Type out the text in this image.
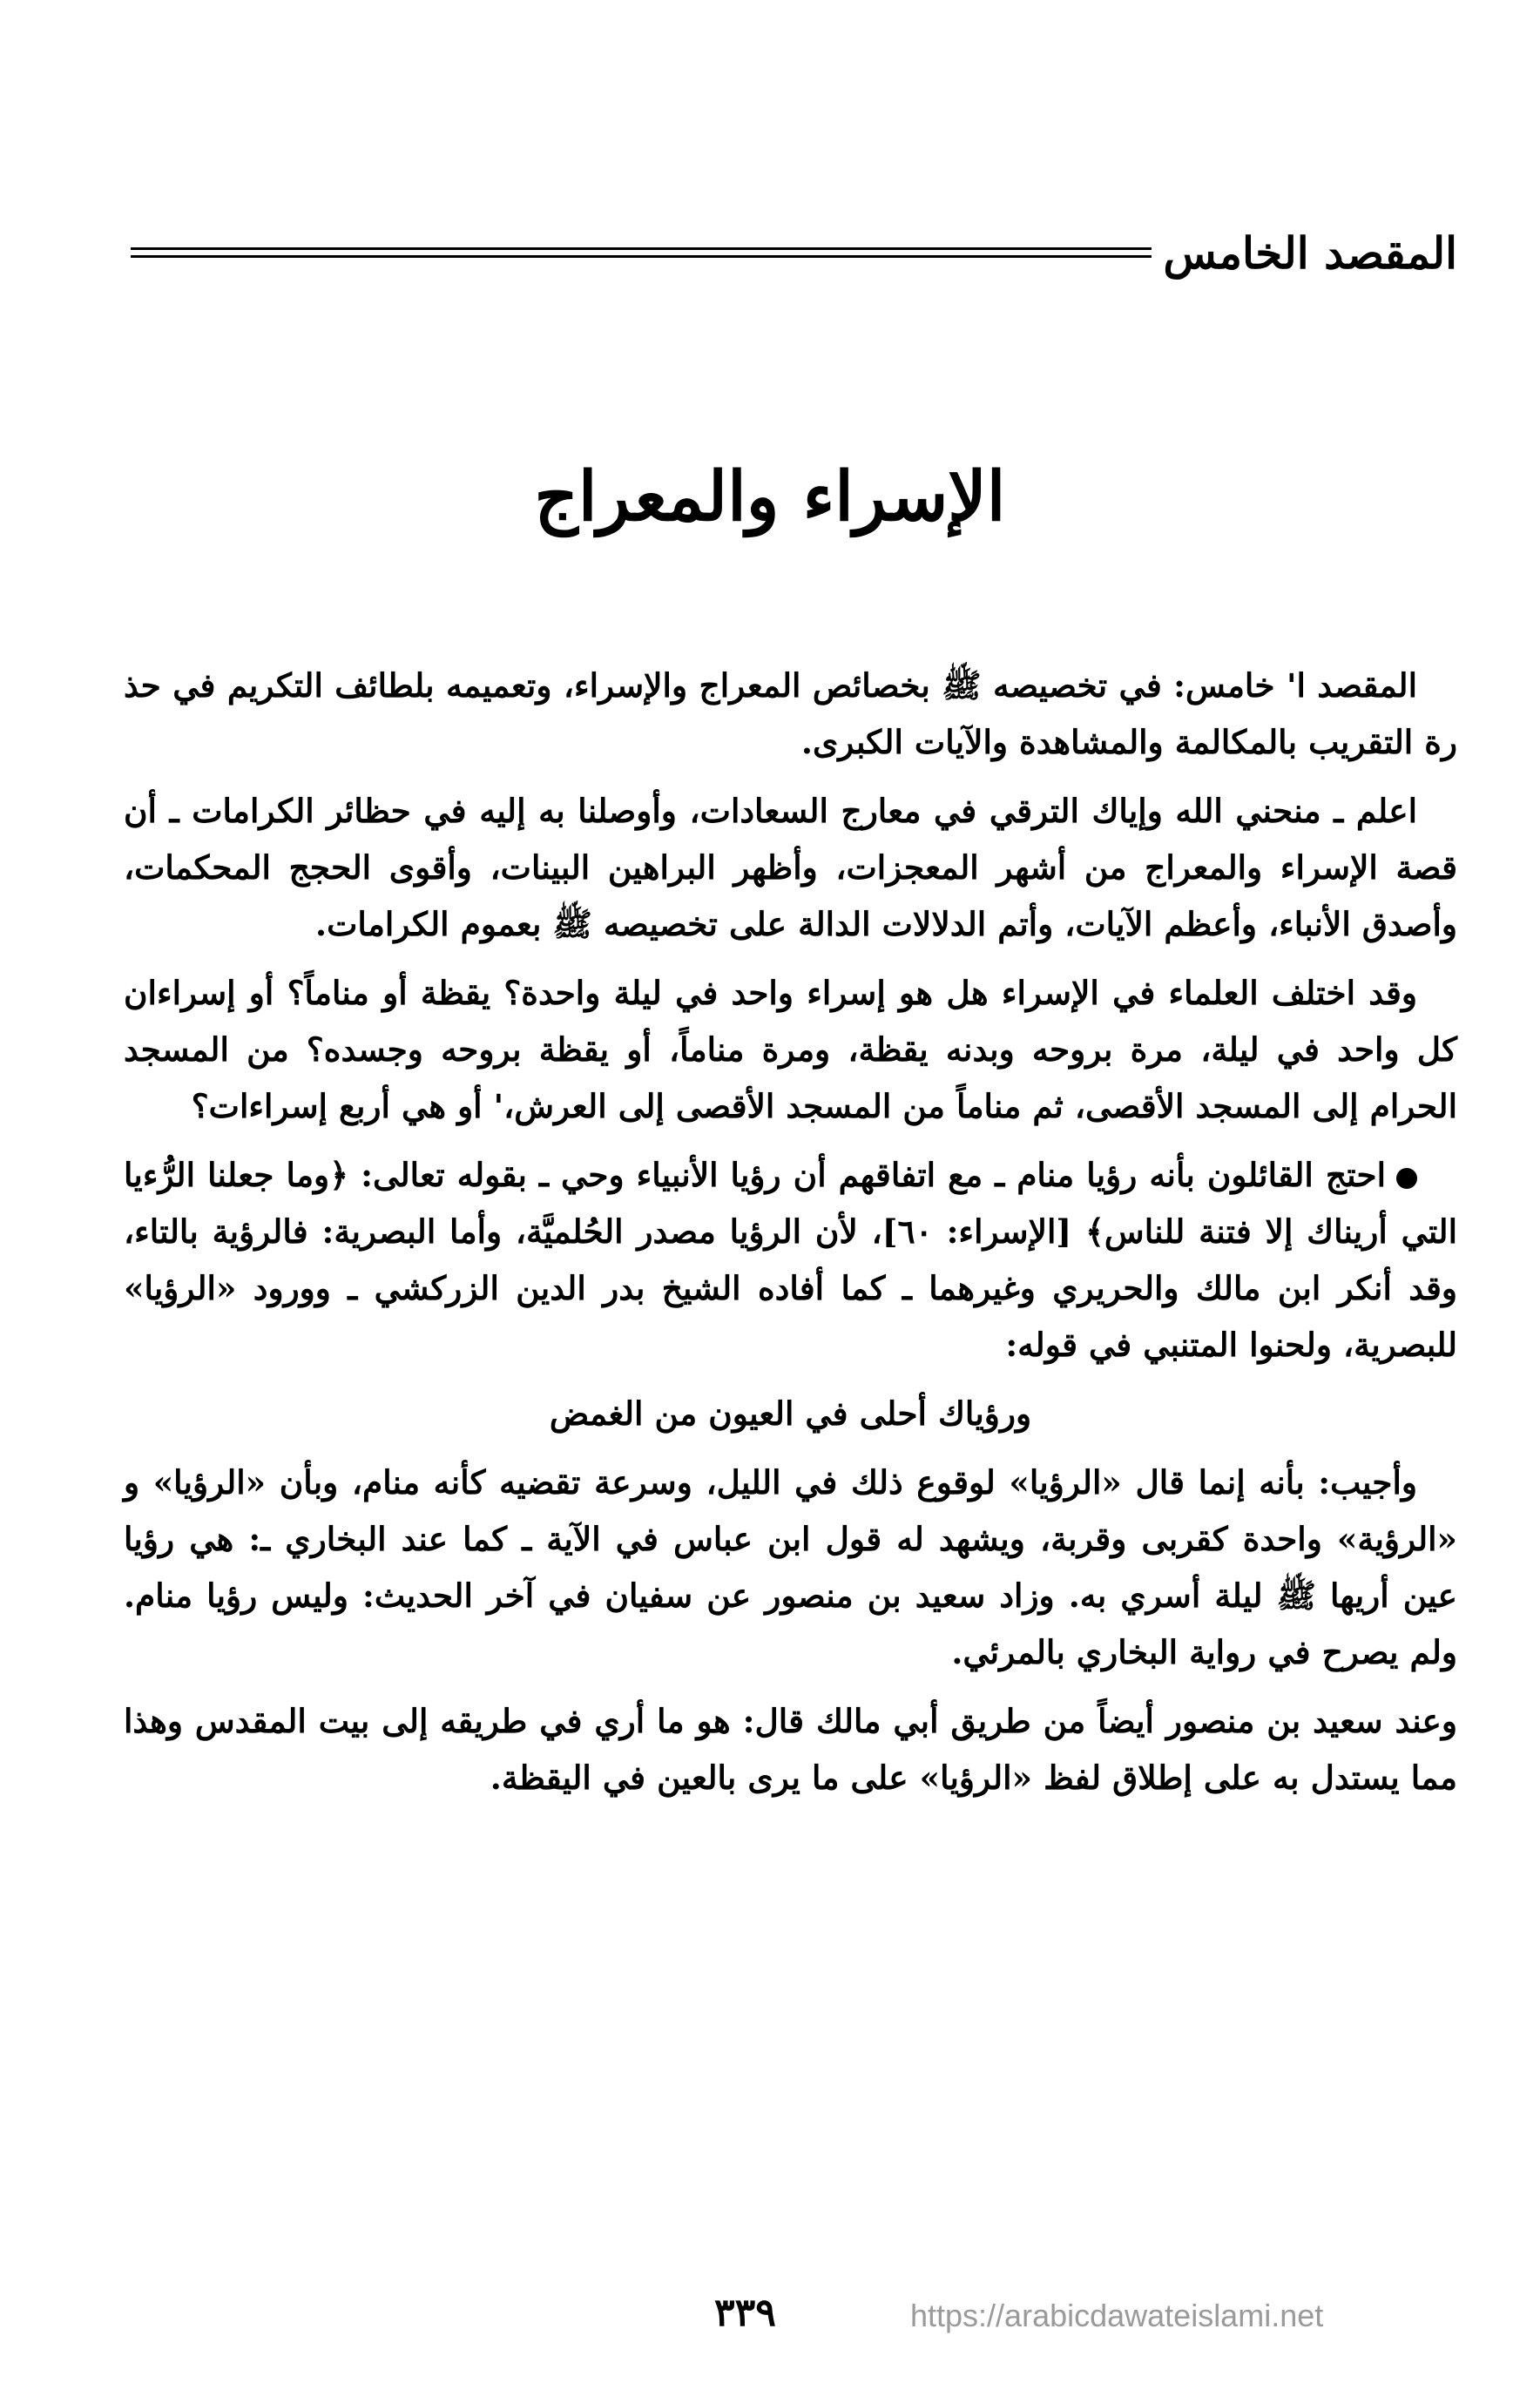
المقصد الخامس
الإسراء والمعراج

المقصد ا' خامس: في تخصيصه ﷺ بخصائص المعراج والإسراء، وتعميمه بلطائف التكريم في حذ رة التقريب بالمكالمة والمشاهدة والآيات الكبرى.

اعلم ـ منحني الله وإياك الترقي في معارج السعادات، وأوصلنا به إليه في حظائر الكرامات ـ أن قصة الإسراء والمعراج من أشهر المعجزات، وأظهر البراهين البينات، وأقوى الحجج المحكمات، وأصدق الأنباء، وأعظم الآيات، وأتم الدلالات الدالة على تخصيصه ﷺ بعموم الكرامات.

وقد اختلف العلماء في الإسراء هل هو إسراء واحد في ليلة واحدة؟ يقظة أو مناماً؟ أو إسراءان كل واحد في ليلة، مرة بروحه وبدنه يقظة، ومرة مناماً، أو يقظة بروحه وجسده؟ من المسجد الحرام إلى المسجد الأقصى، ثم مناماً من المسجد الأقصى إلى العرش،' أو هي أربع إسراءات؟

احتج القائلون بأنه رؤيا منام ـ مع اتفاقهم أن رؤيا الأنبياء وحي ـ بقوله تعالى: ﴿وما جعلنا الرُّءيا التي أريناك إلا فتنة للناس﴾ [الإسراء: ٦٠]، لأن الرؤيا مصدر الحُلميَّة، وأما البصرية: فالرؤية بالتاء، وقد أنكر ابن مالك والحريري وغيرهما ـ كما أفاده الشيخ بدر الدين الزركشي ـ وورود «الرؤيا» للبصرية، ولحنوا المتنبي في قوله:

ورؤياك أحلى في العيون من الغمض

وأجيب: بأنه إنما قال «الرؤيا» لوقوع ذلك في الليل، وسرعة تقضيه كأنه منام، وبأن «الرؤيا» و «الرؤية» واحدة كقربى وقربة، ويشهد له قول ابن عباس في الآية ـ كما عند البخاري ـ: هي رؤيا عين أريها ﷺ ليلة أسري به. وزاد سعيد بن منصور عن سفيان في آخر الحديث: وليس رؤيا منام. ولم يصرح في رواية البخاري بالمرئي.

وعند سعيد بن منصور أيضاً من طريق أبي مالك قال: هو ما أري في طريقه إلى بيت المقدس وهذا مما يستدل به على إطلاق لفظ «الرؤيا» على ما يرى بالعين في اليقظة.

٣٣٩	https://arabicdawateislami.net
